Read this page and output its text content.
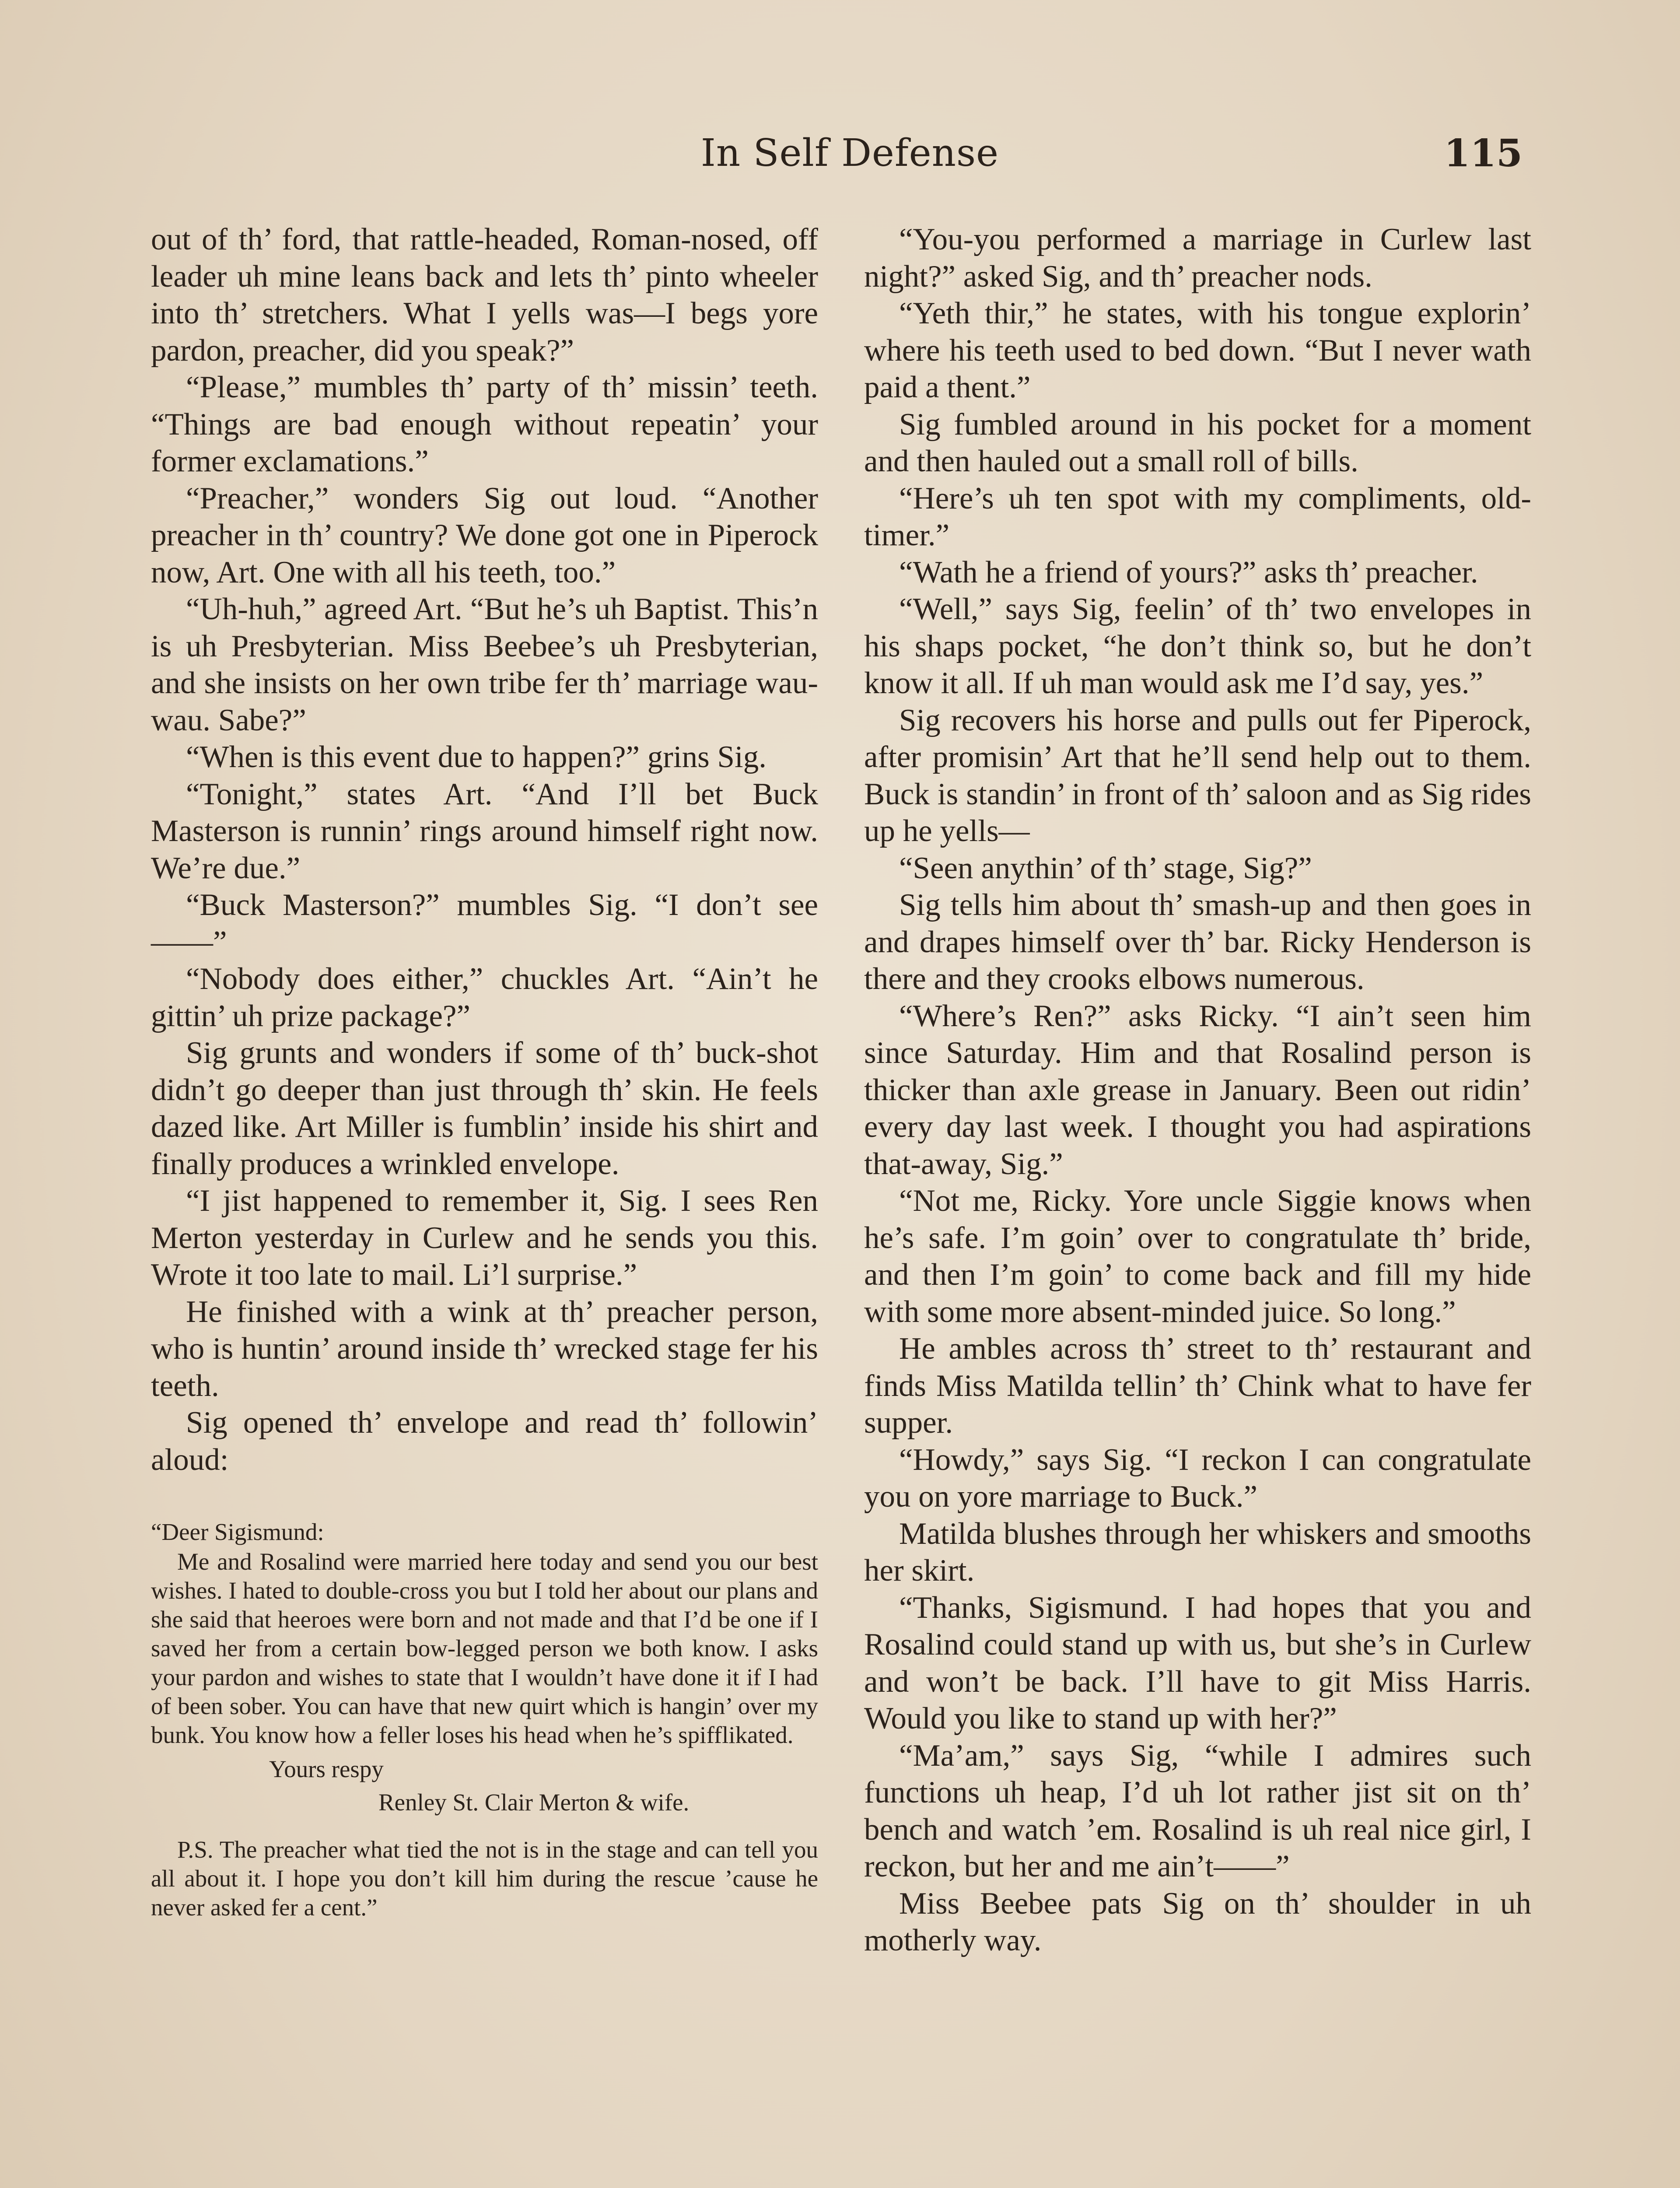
In Self Defense	115

out of th’ ford, that rattle-headed, Roman-nosed, off leader uh mine leans back and lets th’ pinto wheeler into th’ stretchers. What I yells was—I begs yore pardon, preacher, did you speak?”

“Please,” mumbles th’ party of th’ missin’ teeth. “Things are bad enough without repeatin’ your former exclamations.”

“Preacher,” wonders Sig out loud. “Another preacher in th’ country? We done got one in Piperock now, Art. One with all his teeth, too.”

“Uh-huh,” agreed Art. “But he’s uh Baptist. This’n is uh Presbyterian. Miss Beebee’s uh Presbyterian, and she insists on her own tribe fer th’ marriage wau-wau. Sabe?”

“When is this event due to happen?” grins Sig.

“Tonight,” states Art. “And I’ll bet Buck Masterson is runnin’ rings around himself right now. We’re due.”

“Buck Masterson?” mumbles Sig. “I don’t see——”

“Nobody does either,” chuckles Art. “Ain’t he gittin’ uh prize package?”

Sig grunts and wonders if some of th’ buck-shot didn’t go deeper than just through th’ skin. He feels dazed like. Art Miller is fumblin’ inside his shirt and finally produces a wrinkled envelope.

“I jist happened to remember it, Sig. I sees Ren Merton yesterday in Curlew and he sends you this. Wrote it too late to mail. Li’l surprise.”

He finished with a wink at th’ preacher person, who is huntin’ around inside th’ wrecked stage fer his teeth.

Sig opened th’ envelope and read th’ followin’ aloud:

“Deer Sigismund:

Me and Rosalind were married here today and send you our best wishes. I hated to double-cross you but I told her about our plans and she said that heeroes were born and not made and that I’d be one if I saved her from a certain bow-legged person we both know. I asks your pardon and wishes to state that I wouldn’t have done it if I had of been sober. You can have that new quirt which is hangin’ over my bunk. You know how a feller loses his head when he’s spifflikated.

Yours respy

Renley St. Clair Merton & wife.

P.S. The preacher what tied the not is in the stage and can tell you all about it. I hope you don’t kill him during the rescue ’cause he never asked fer a cent.”

“You-you performed a marriage in Curlew last night?” asked Sig, and th’ preacher nods.

“Yeth thir,” he states, with his tongue explorin’ where his teeth used to bed down. “But I never wath paid a thent.”

Sig fumbled around in his pocket for a moment and then hauled out a small roll of bills.

“Here’s uh ten spot with my compliments, old-timer.”

“Wath he a friend of yours?” asks th’ preacher.

“Well,” says Sig, feelin’ of th’ two envelopes in his shaps pocket, “he don’t think so, but he don’t know it all. If uh man would ask me I’d say, yes.”

Sig recovers his horse and pulls out fer Piperock, after promisin’ Art that he’ll send help out to them. Buck is standin’ in front of th’ saloon and as Sig rides up he yells—

“Seen anythin’ of th’ stage, Sig?”

Sig tells him about th’ smash-up and then goes in and drapes himself over th’ bar. Ricky Henderson is there and they crooks elbows numerous.

“Where’s Ren?” asks Ricky. “I ain’t seen him since Saturday. Him and that Rosalind person is thicker than axle grease in January. Been out ridin’ every day last week. I thought you had aspirations that-away, Sig.”

“Not me, Ricky. Yore uncle Siggie knows when he’s safe. I’m goin’ over to congratulate th’ bride, and then I’m goin’ to come back and fill my hide with some more absent-minded juice. So long.”

He ambles across th’ street to th’ restaurant and finds Miss Matilda tellin’ th’ Chink what to have fer supper.

“Howdy,” says Sig. “I reckon I can congratulate you on yore marriage to Buck.”

Matilda blushes through her whiskers and smooths her skirt.

“Thanks, Sigismund. I had hopes that you and Rosalind could stand up with us, but she’s in Curlew and won’t be back. I’ll have to git Miss Harris. Would you like to stand up with her?”

“Ma’am,” says Sig, “while I admires such functions uh heap, I’d uh lot rather jist sit on th’ bench and watch ’em. Rosalind is uh real nice girl, I reckon, but her and me ain’t——”

Miss Beebee pats Sig on th’ shoulder in uh motherly way.
